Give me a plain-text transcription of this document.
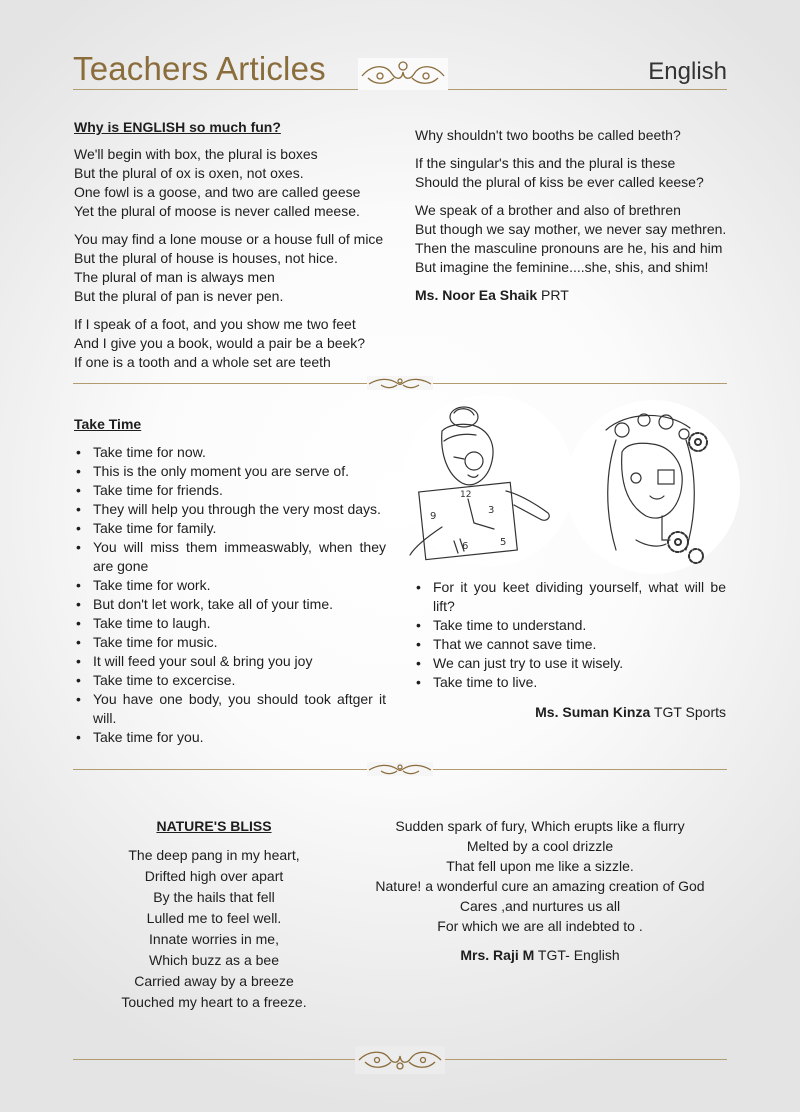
Teachers Articles	English
Why is ENGLISH so much fun?

We'll begin with box, the plural is boxes

But the plural of ox is oxen, not oxes.

One fowl is a goose, and two are called geese

Yet the plural of moose is never called meese.

You may find a lone mouse or a house full of mice

But the plural of house is houses, not hice.

The plural of man is always men

But the plural of pan is never pen.

If I speak of a foot, and you show me two feet

And I give you a book, would a pair be a beek?

If one is a tooth and a whole set are teeth

Why shouldn't two booths be called beeth?

If the singular's this and the plural is these

Should the plural of kiss be ever called keese?

We speak of a brother and also of brethren

But though we say mother, we never say methren.

Then the masculine pronouns are he, his and him

But imagine the feminine....she, shis, and shim!

Ms. Noor Ea Shaik PRT

Take Time
• Take time for now.
• This is the only moment you are serve of.
• Take time for friends.
• They will help you through the very most days.
• Take time for family.
• You will miss them immeaswably, when they are gone
• Take time for work.
• But don't let work, take all of your time.
• Take time to laugh.
• Take time for music.
• It will feed your soul & bring you joy
• Take time to excercise.
• You have one body, you should took aftger it will.
• Take time for you.
3
5
6
9
12
• For it you keet dividing yourself, what will be lift?
• Take time to understand.
• That we cannot save time.
• We can just try to use it wisely.
• Take time to live.

Ms. Suman Kinza TGT Sports

NATURE'S BLISS

The deep pang in my heart,

Drifted high over apart

By the hails that fell

Lulled me to feel well.

Innate worries in me,

Which buzz as a bee

Carried away by a breeze

Touched my heart to a freeze.

Sudden spark of fury, Which erupts like a flurry

Melted by a cool drizzle

That fell upon me like a sizzle.

Nature! a wonderful cure an amazing creation of God

Cares ,and nurtures us all

For which we are all indebted to .

Mrs. Raji M TGT- English
